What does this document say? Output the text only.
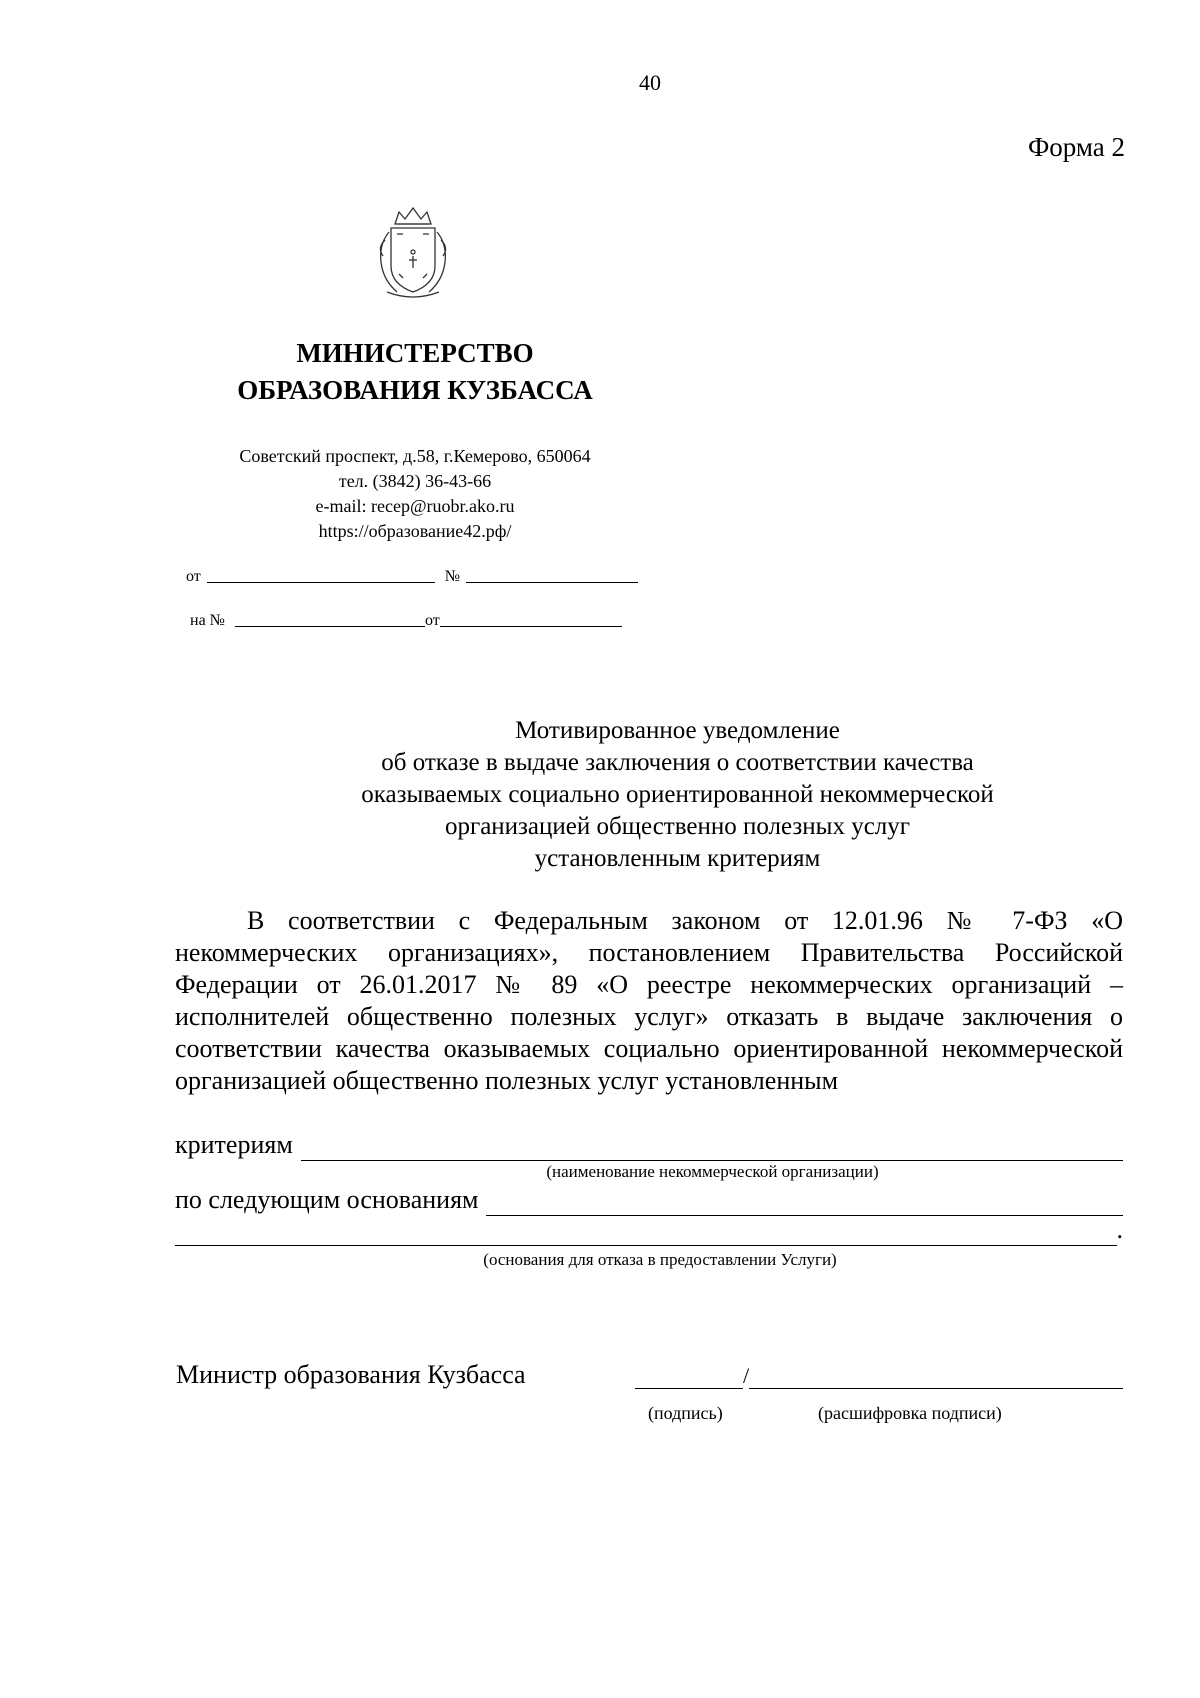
40
Форма 2
МИНИСТЕРСТВО
ОБРАЗОВАНИЯ КУЗБАССА
Советский проспект, д.58, г.Кемерово, 650064
тел. (3842) 36-43-66
e-mail: recep@ruobr.ako.ru
https://образование42.рф/
от	№
на №	от
Мотивированное уведомление
об отказе в выдаче заключения о соответствии качества
оказываемых социально ориентированной некоммерческой
организацией общественно полезных услуг
установленным критериям
В соответствии с Федеральным законом от 12.01.96 № 7-ФЗ «О некоммерческих организациях», постановлением Правительства Российской Федерации от 26.01.2017 № 89 «О реестре некоммерческих организаций – исполнителей общественно полезных услуг» отказать в выдаче заключения о соответствии качества оказываемых социально ориентированной некоммерческой организацией общественно полезных услуг установленным
критериям
(наименование некоммерческой организации)
по следующим основаниям
.
(основания для отказа в предоставлении Услуги)
Министр образования Кузбасса	/
(подпись)	(расшифровка подписи)
